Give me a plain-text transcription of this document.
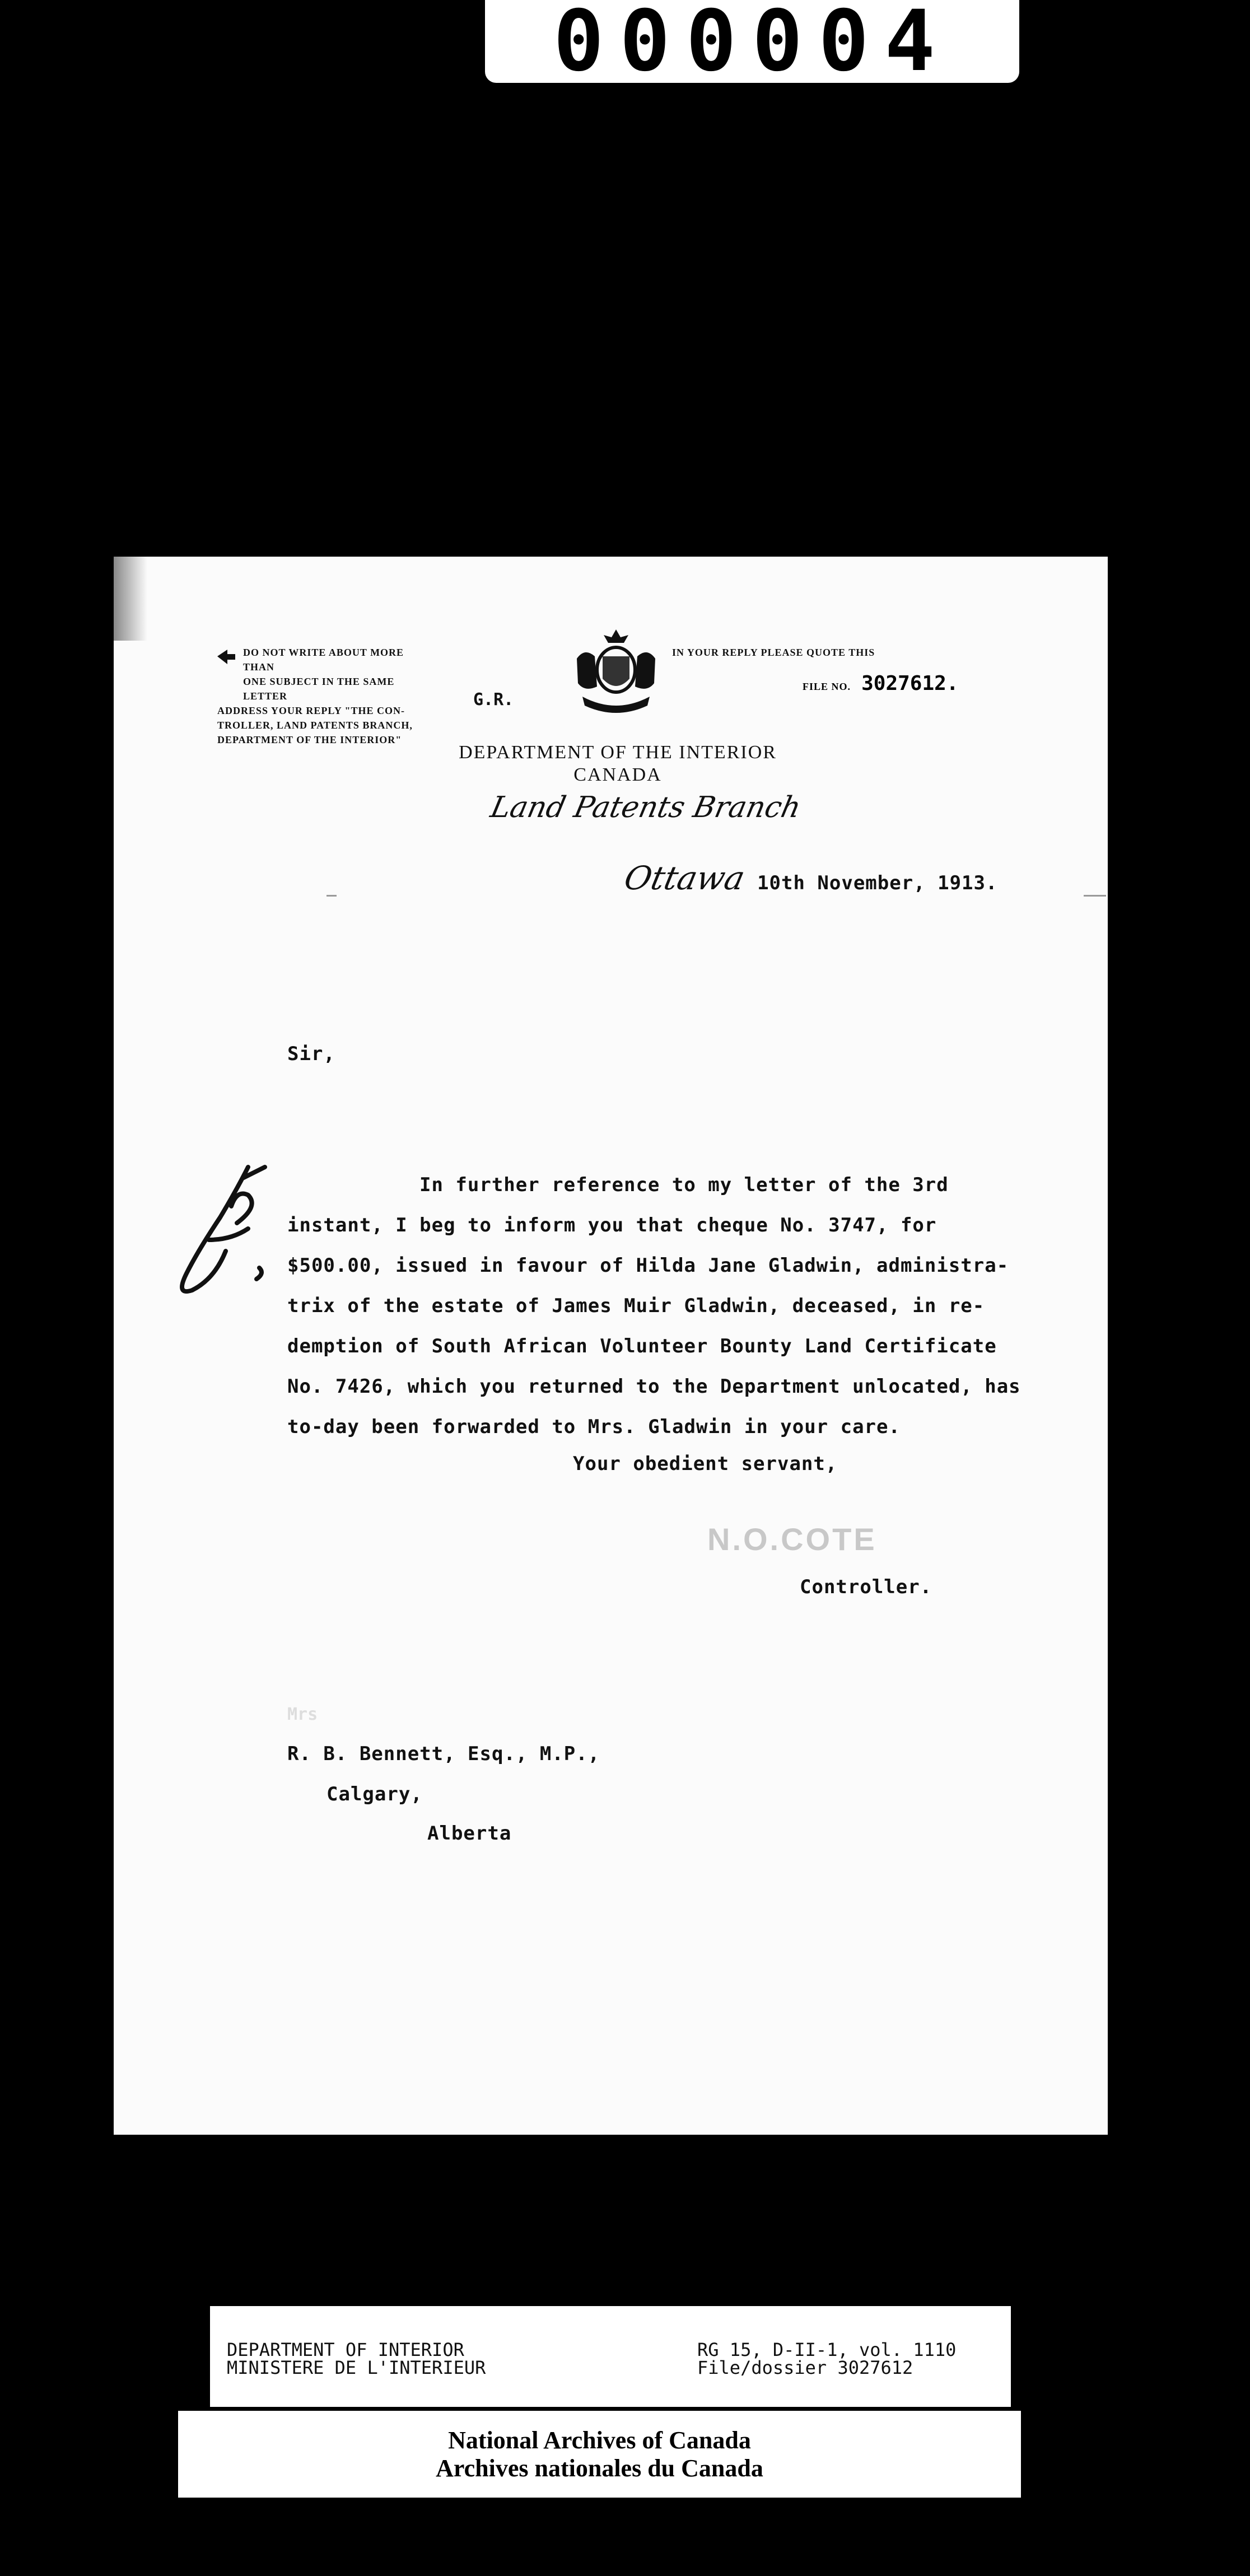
000004
DO NOT WRITE ABOUT MORE THAN
ONE SUBJECT IN THE SAME LETTER
ADDRESS YOUR REPLY "THE CON-
TROLLER, LAND PATENTS BRANCH,
DEPARTMENT OF THE INTERIOR"
G.R.
IN YOUR REPLY PLEASE QUOTE THIS
FILE NO. 3027612.
DEPARTMENT OF THE INTERIOR
CANADA
Land Patents Branch
Ottawa 10th November, 1913.
Sir,
In further reference to my letter of the 3rd
instant, I beg to inform you that cheque No. 3747, for
$500.00, issued in favour of Hilda Jane Gladwin, administra-
trix of the estate of James Muir Gladwin, deceased, in re-
demption of South African Volunteer Bounty Land Certificate
No. 7426, which you returned to the Department unlocated, has
to-day been forwarded to Mrs. Gladwin in your care.
Your obedient servant,
N.O.COTE
Controller.
Mrs
R. B. Bennett, Esq., M.P.,
Calgary,
Alberta
DEPARTMENT OF INTERIOR
MINISTERE DE L'INTERIEUR
RG 15, D-II-1, vol. 1110
File/dossier 3027612
National Archives of Canada
Archives nationales du Canada
